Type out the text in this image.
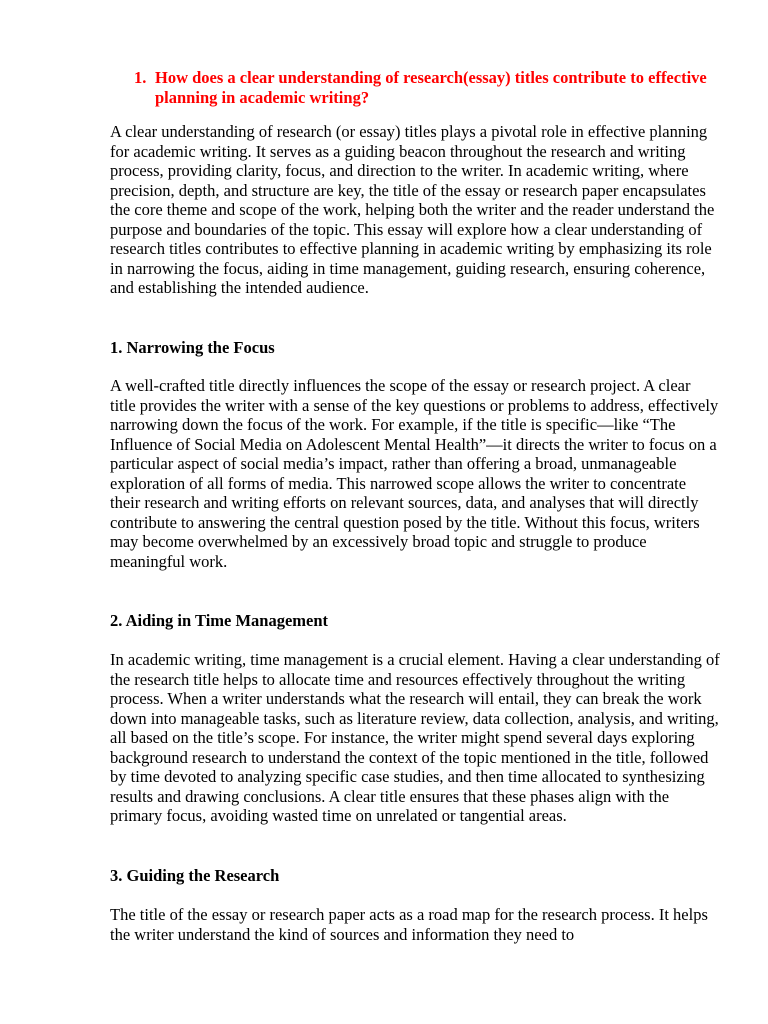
1. How does a clear understanding of research(essay) titles contribute to effective planning in academic writing?

A clear understanding of research (or essay) titles plays a pivotal role in effective planning for academic writing. It serves as a guiding beacon throughout the research and writing process, providing clarity, focus, and direction to the writer. In academic writing, where precision, depth, and structure are key, the title of the essay or research paper encapsulates the core theme and scope of the work, helping both the writer and the reader understand the purpose and boundaries of the topic. This essay will explore how a clear understanding of research titles contributes to effective planning in academic writing by emphasizing its role in narrowing the focus, aiding in time management, guiding research, ensuring coherence, and establishing the intended audience.

1. Narrowing the Focus

A well-crafted title directly influences the scope of the essay or research project. A clear title provides the writer with a sense of the key questions or problems to address, effectively narrowing down the focus of the work. For example, if the title is specific—like “The Influence of Social Media on Adolescent Mental Health”—it directs the writer to focus on a particular aspect of social media’s impact, rather than offering a broad, unmanageable exploration of all forms of media. This narrowed scope allows the writer to concentrate their research and writing efforts on relevant sources, data, and analyses that will directly contribute to answering the central question posed by the title. Without this focus, writers may become overwhelmed by an excessively broad topic and struggle to produce meaningful work.

2. Aiding in Time Management

In academic writing, time management is a crucial element. Having a clear understanding of the research title helps to allocate time and resources effectively throughout the writing process. When a writer understands what the research will entail, they can break the work down into manageable tasks, such as literature review, data collection, analysis, and writing, all based on the title’s scope. For instance, the writer might spend several days exploring background research to understand the context of the topic mentioned in the title, followed by time devoted to analyzing specific case studies, and then time allocated to synthesizing results and drawing conclusions. A clear title ensures that these phases align with the primary focus, avoiding wasted time on unrelated or tangential areas.

3. Guiding the Research

The title of the essay or research paper acts as a road map for the research process. It helps the writer understand the kind of sources and information they need to
